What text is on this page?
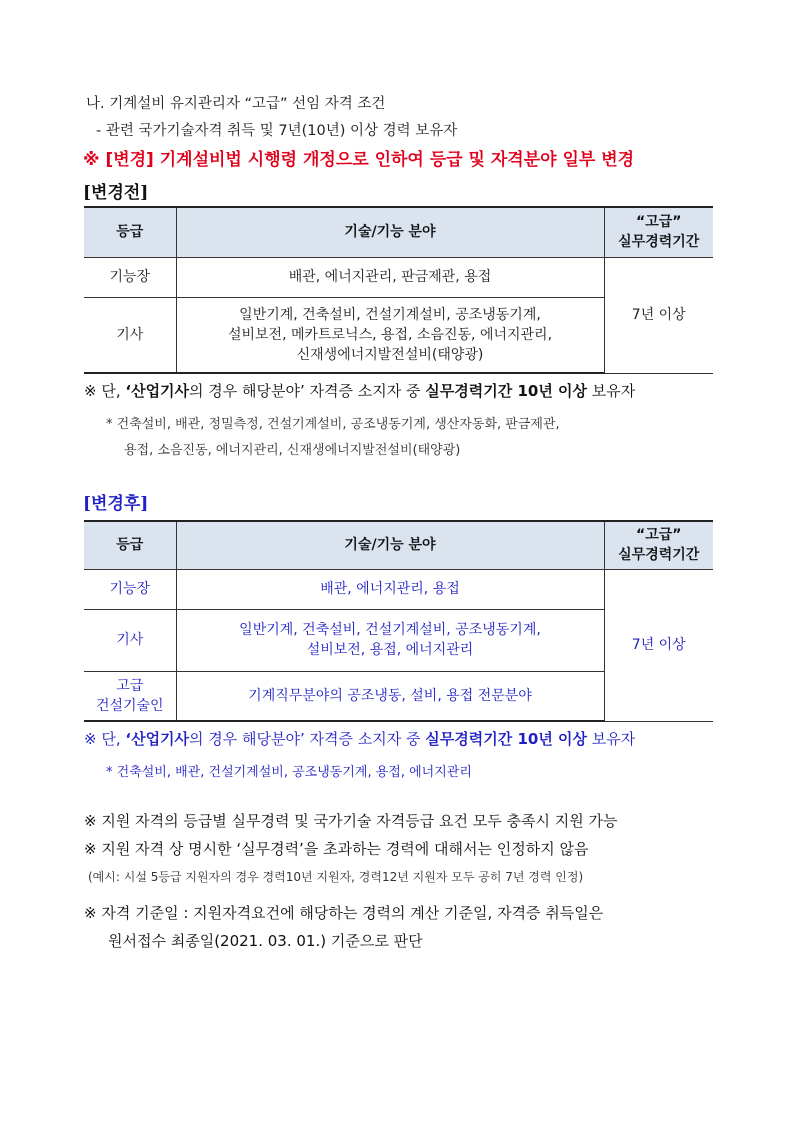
나. 기계설비 유지관리자 “고급” 선임 자격 조건
- 관련 국가기술자격 취득 및 7년(10년) 이상 경력 보유자
※ [변경] 기계설비법 시행령 개정으로 인하여 등급 및 자격분야 일부 변경
[변경전]
등급	기술/기능 분야	“고급”
실무경력기간
기능장	배관, 에너지관리, 판금제관, 용접	7년 이상
기사	일반기계, 건축설비, 건설기계설비, 공조냉동기계,
설비보전, 메카트로닉스, 용접, 소음진동, 에너지관리,
신재생에너지발전설비(태양광)	
※ 단, ‘산업기사의 경우 해당분야’ 자격증 소지자 중 실무경력기간 10년 이상 보유자
* 건축설비, 배관, 정밀측정, 건설기계설비, 공조냉동기계, 생산자동화, 판금제관,
용접, 소음진동, 에너지관리, 신재생에너지발전설비(태양광)
[변경후]
등급	기술/기능 분야	“고급”
실무경력기간
기능장	배관, 에너지관리, 용접	7년 이상
기사	일반기계, 건축설비, 건설기계설비, 공조냉동기계,
설비보전, 용접, 에너지관리	
고급
건설기술인	기계직무분야의 공조냉동, 설비, 용접 전문분야	
※ 단, ‘산업기사의 경우 해당분야’ 자격증 소지자 중 실무경력기간 10년 이상 보유자
* 건축설비, 배관, 건설기계설비, 공조냉동기계, 용접, 에너지관리
※ 지원 자격의 등급별 실무경력 및 국가기술 자격등급 요건 모두 충족시 지원 가능
※ 지원 자격 상 명시한 ‘실무경력’을 초과하는 경력에 대해서는 인정하지 않음
(예시: 시설 5등급 지원자의 경우 경력10년 지원자, 경력12년 지원자 모두 공히 7년 경력 인정)
※ 자격 기준일 : 지원자격요건에 해당하는 경력의 계산 기준일, 자격증 취득일은
원서접수 최종일(2021. 03. 01.) 기준으로 판단
